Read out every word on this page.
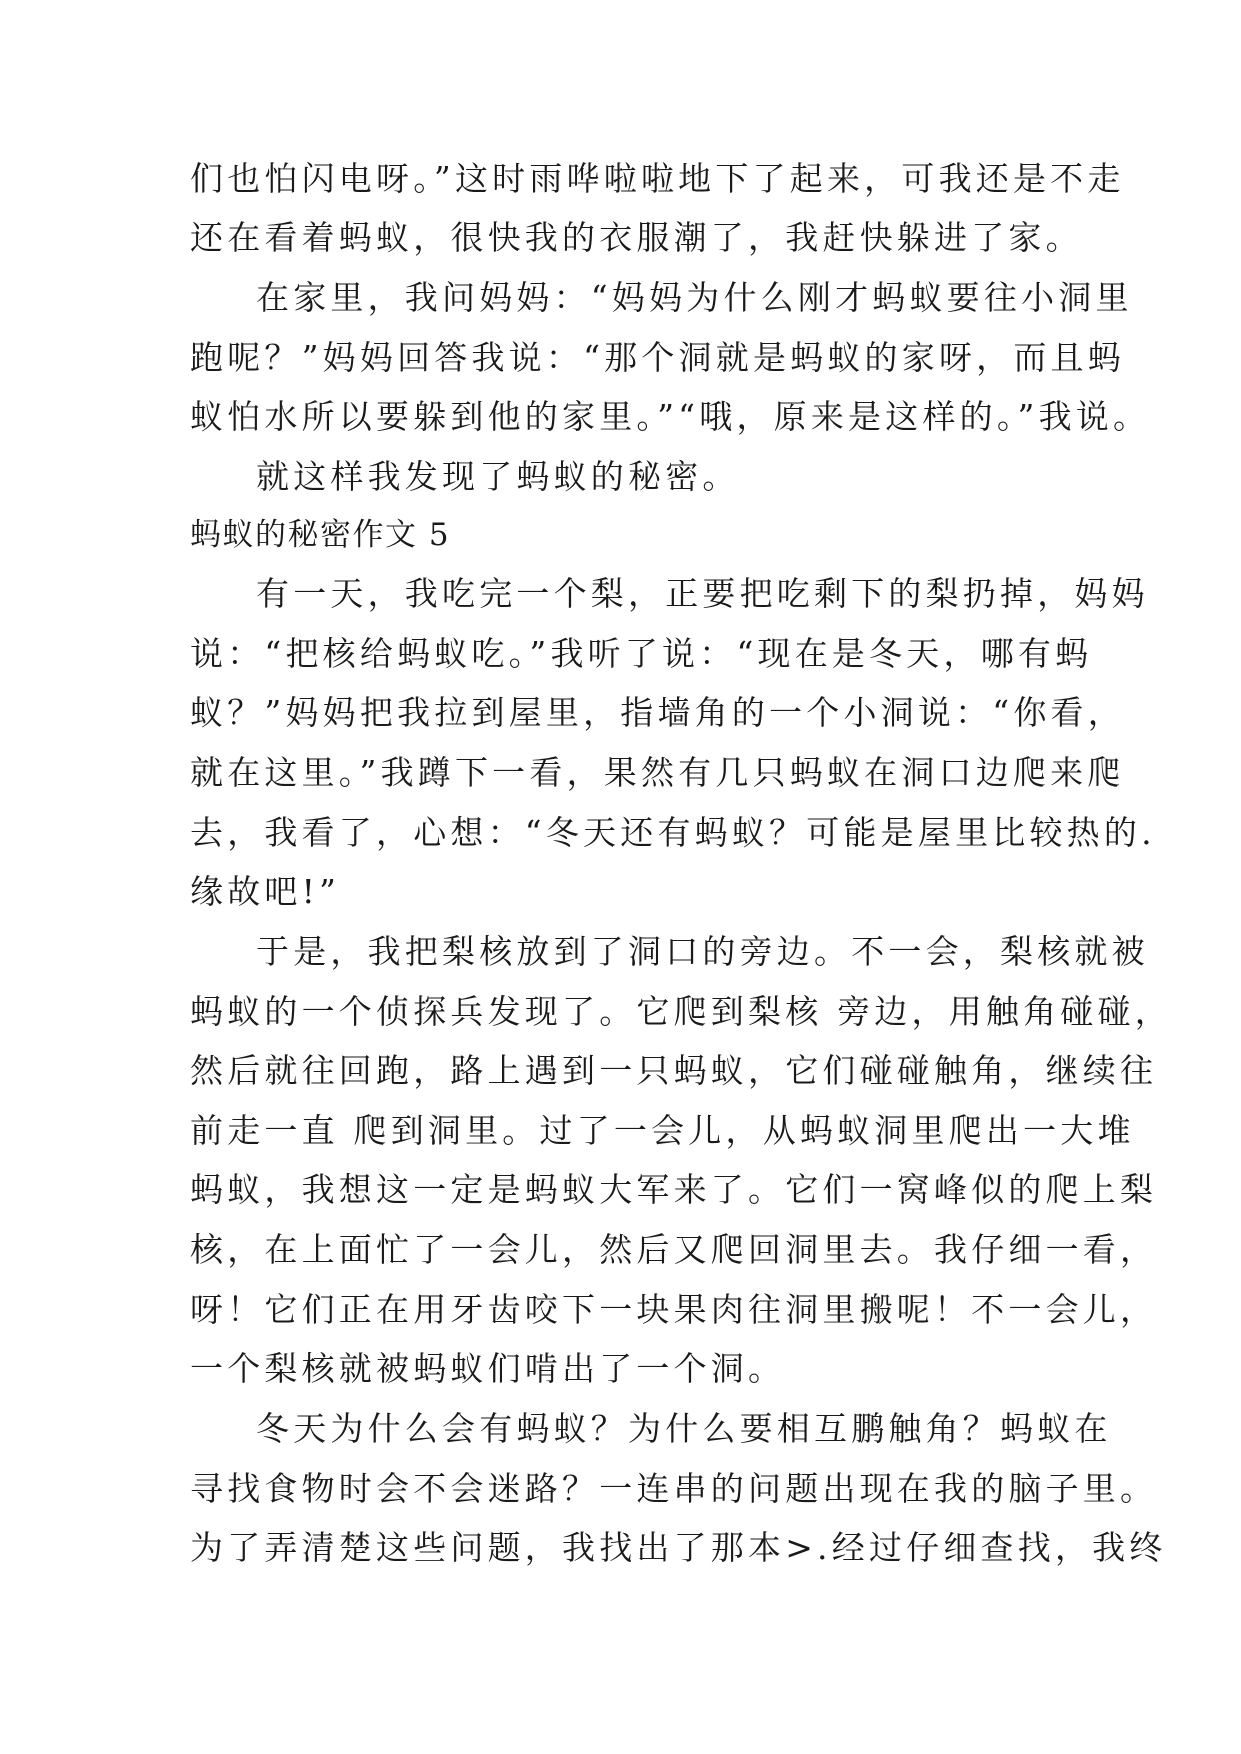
们也怕闪电呀。”这时雨哗啦啦地下了起来，可我还是不走
还在看着蚂蚁，很快我的衣服潮了，我赶快躲进了家。
在家里，我问妈妈：“妈妈为什么刚才蚂蚁要往小洞里
跑呢？”妈妈回答我说：“那个洞就是蚂蚁的家呀，而且蚂
蚁怕水所以要躲到他的家里。”“哦，原来是这样的。”我说。
就这样我发现了蚂蚁的秘密。
蚂蚁的秘密作文 5
有一天，我吃完一个梨，正要把吃剩下的梨扔掉，妈妈
说：“把核给蚂蚁吃。”我听了说：“现在是冬天，哪有蚂
蚁？”妈妈把我拉到屋里，指墙角的一个小洞说：“你看，
就在这里。”我蹲下一看，果然有几只蚂蚁在洞口边爬来爬
去，我看了，心想：“冬天还有蚂蚁？可能是屋里比较热的.
缘故吧!”
于是，我把梨核放到了洞口的旁边。不一会，梨核就被
蚂蚁的一个侦探兵发现了。它爬到梨核 旁边，用触角碰碰，
然后就往回跑，路上遇到一只蚂蚁，它们碰碰触角，继续往
前走一直 爬到洞里。过了一会儿，从蚂蚁洞里爬出一大堆
蚂蚁，我想这一定是蚂蚁大军来了。它们一窝峰似的爬上梨
核，在上面忙了一会儿，然后又爬回洞里去。我仔细一看，
呀！它们正在用牙齿咬下一块果肉往洞里搬呢！不一会儿，
一个梨核就被蚂蚁们啃出了一个洞。
冬天为什么会有蚂蚁？为什么要相互鹏触角？蚂蚁在
寻找食物时会不会迷路？一连串的问题出现在我的脑子里。
为了弄清楚这些问题，我找出了那本>.经过仔细查找，我终
